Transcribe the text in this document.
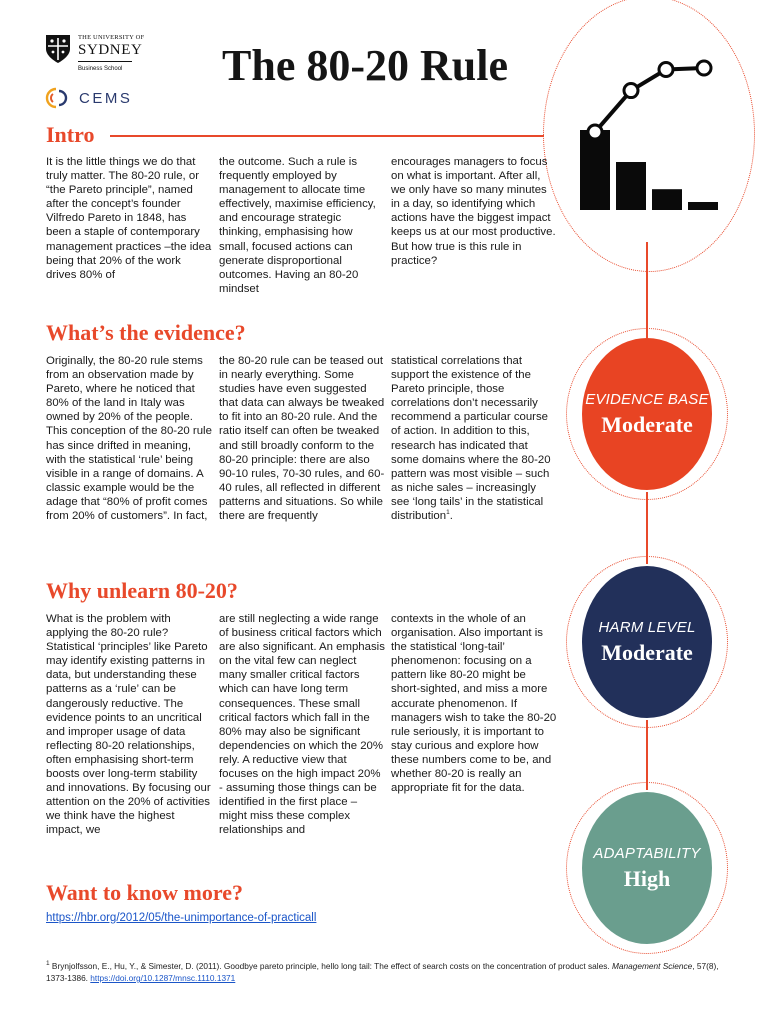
THE UNIVERSITY OF
SYDNEY
Business School
CEMS
The 80-20 Rule
EVIDENCE BASE
Moderate
HARM LEVEL
Moderate
ADAPTABILITY
High
Intro

It is the little things we do that truly matter. The 80-20 rule, or “the Pareto principle”, named after the concept’s founder Vilfredo Pareto in 1848, has been a staple of contemporary management practices –the idea being that 20% of the work drives 80% of

the outcome. Such a rule is frequently employed by management to allocate time effectively, maximise efficiency, and encourage strategic thinking, emphasising how small, focused actions can generate disproportional outcomes. Having an 80-20 mindset

encourages managers to focus on what is important. After all, we only have so many minutes in a day, so identifying which actions have the biggest impact keeps us at our most productive. But how true is this rule in practice?

What’s the evidence?

Originally, the 80-20 rule stems from an observation made by Pareto, where he noticed that 80% of the land in Italy was owned by 20% of the people. This conception of the 80-20 rule has since drifted in meaning, with the statistical ‘rule’ being visible in a range of domains. A classic example would be the adage that “80% of profit comes from 20% of customers”. In fact,

the 80-20 rule can be teased out in nearly everything. Some studies have even suggested that data can always be tweaked to fit into an 80-20 rule. And the ratio itself can often be tweaked and still broadly conform to the 80-20 principle: there are also 90-10 rules, 70-30 rules, and 60-40 rules, all reflected in different patterns and situations. So while there are frequently

statistical correlations that support the existence of the Pareto principle, those correlations don’t necessarily recommend a particular course of action. In addition to this, research has indicated that some domains where the 80-20 pattern was most visible – such as niche sales – increasingly see ‘long tails’ in the statistical distribution$^1$.

Why unlearn 80-20?

What is the problem with applying the 80-20 rule? Statistical ‘principles’ like Pareto may identify existing patterns in data, but understanding these patterns as a ‘rule’ can be dangerously reductive. The evidence points to an uncritical and improper usage of data reflecting 80-20 relationships, often emphasising short-term boosts over long-term stability and innovations. By focusing our attention on the 20% of activities we think have the highest impact, we

are still neglecting a wide range of business critical factors which are also significant. An emphasis on the vital few can neglect many smaller critical factors which can have long term consequences. These small critical factors which fall in the 80% may also be significant dependencies on which the 20% rely. A reductive view that focuses on the high impact 20% - assuming those things can be identified in the first place – might miss these complex relationships and

contexts in the whole of an organisation. Also important is the statistical ‘long-tail’ phenomenon: focusing on a pattern like 80-20 might be short-sighted, and miss a more accurate phenomenon. If managers wish to take the 80-20 rule seriously, it is important to stay curious and explore how these numbers come to be, and whether 80-20 is really an appropriate fit for the data.

Want to know more?
https://hbr.org/2012/05/the-unimportance-of-practicall
$^1$ Brynjolfsson, E., Hu, Y., & Simester, D. (2011). Goodbye pareto principle, hello long tail: The effect of search costs on the concentration of product sales. Management Science, 57(8), 1373-1386. https://doi.org/10.1287/mnsc.1110.1371
